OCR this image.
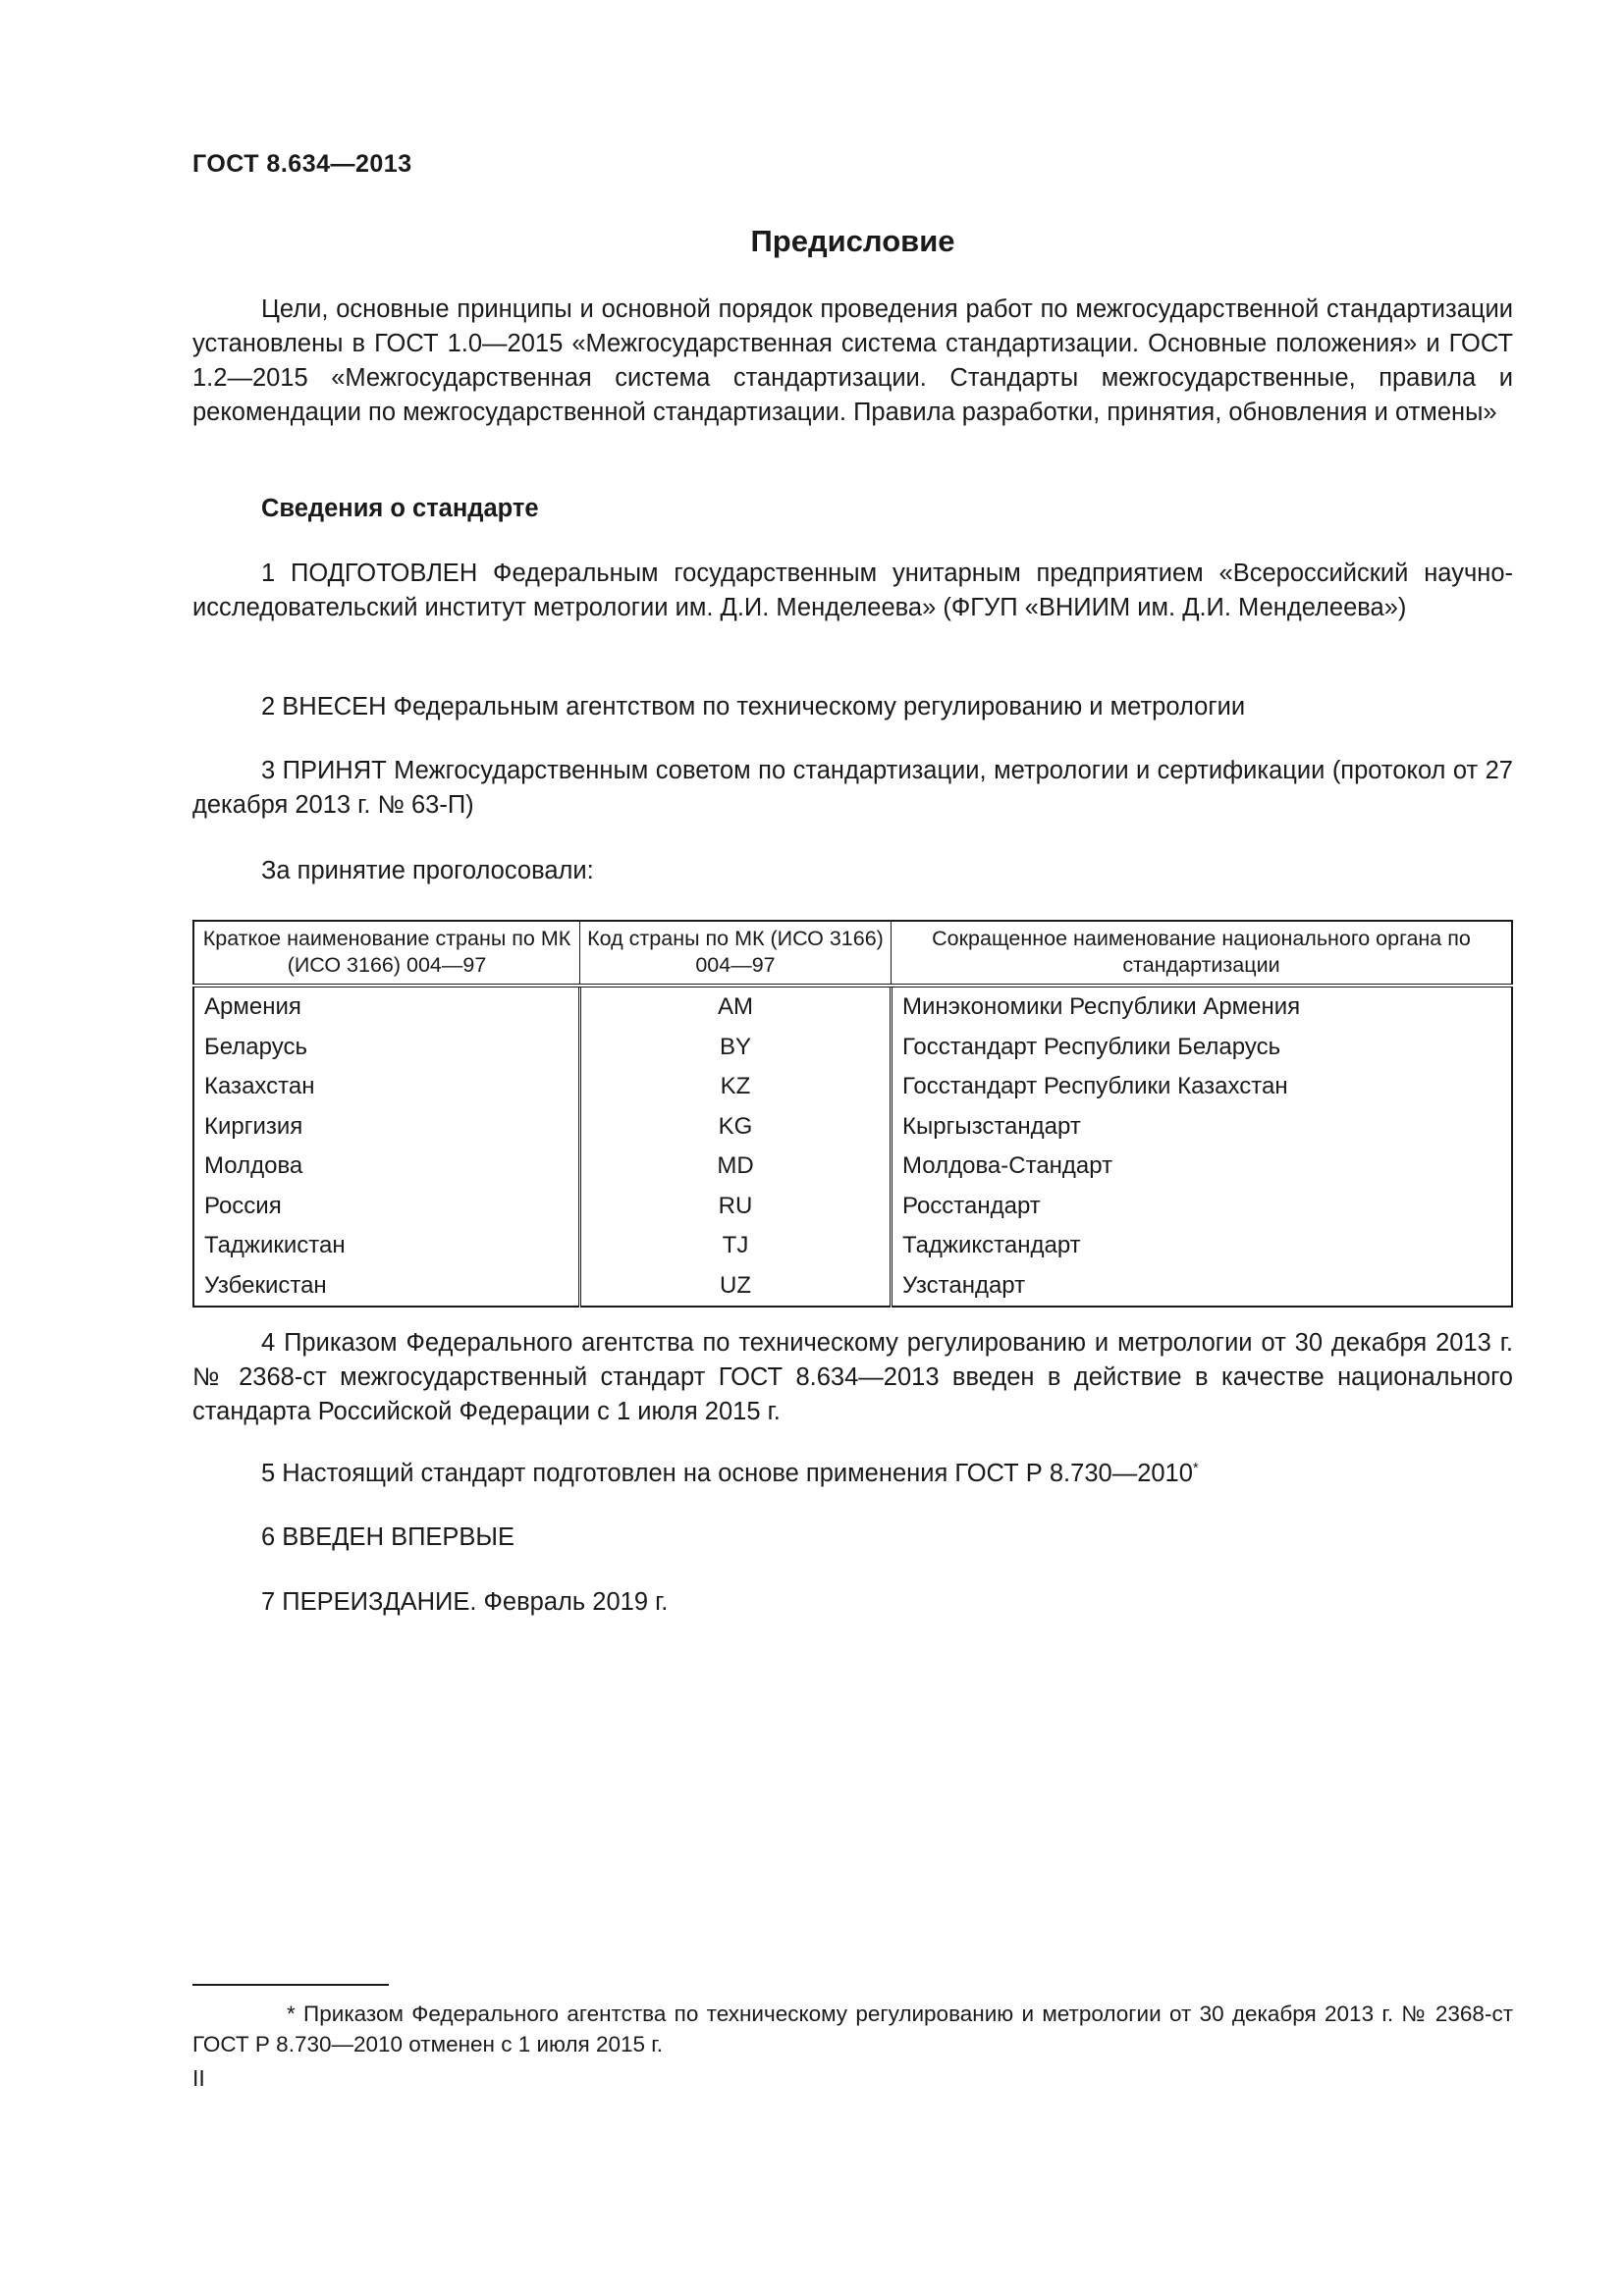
ГОСТ 8.634—2013
Предисловие

Цели, основные принципы и основной порядок проведения работ по межгосударственной стандартизации установлены в ГОСТ 1.0—2015 «Межгосударственная система стандартизации. Основные положения» и ГОСТ 1.2—2015 «Межгосударственная система стандартизации. Стандарты межгосударственные, правила и рекомендации по межгосударственной стандартизации. Правила разработки, принятия, обновления и отмены»

Сведения о стандарте

1 ПОДГОТОВЛЕН Федеральным государственным унитарным предприятием «Всероссийский научно-исследовательский институт метрологии им. Д.И. Менделеева» (ФГУП «ВНИИМ им. Д.И. Менделеева»)

2 ВНЕСЕН Федеральным агентством по техническому регулированию и метрологии

3 ПРИНЯТ Межгосударственным советом по стандартизации, метрологии и сертификации (протокол от 27 декабря 2013 г. № 63-П)

За принятие проголосовали:

Краткое наименование страны по МК (ИСО 3166) 004—97	Код страны по МК (ИСО 3166) 004—97	Сокращенное наименование национального органа по стандартизации
Армения	AM	Минэкономики Республики Армения
Беларусь	BY	Госстандарт Республики Беларусь
Казахстан	KZ	Госстандарт Республики Казахстан
Киргизия	KG	Кыргызстандарт
Молдова	MD	Молдова-Стандарт
Россия	RU	Росстандарт
Таджикистан	TJ	Таджикстандарт
Узбекистан	UZ	Узстандарт

4 Приказом Федерального агентства по техническому регулированию и метрологии от 30 декабря 2013 г. № 2368-ст межгосударственный стандарт ГОСТ 8.634—2013 введен в действие в качестве национального стандарта Российской Федерации с 1 июля 2015 г.

5 Настоящий стандарт подготовлен на основе применения ГОСТ Р 8.730—2010*

6 ВВЕДЕН ВПЕРВЫЕ

7 ПЕРЕИЗДАНИЕ. Февраль 2019 г.

* Приказом Федерального агентства по техническому регулированию и метрологии от 30 декабря 2013 г. № 2368-ст ГОСТ Р 8.730—2010 отменен с 1 июля 2015 г.

II
